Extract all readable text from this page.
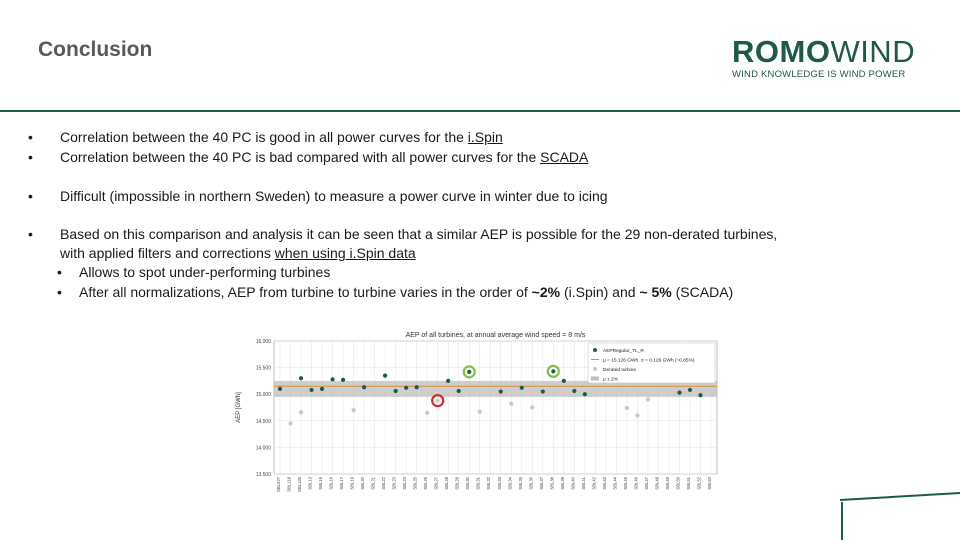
Conclusion	ROMOWIND
WIND KNOWLEDGE IS WIND POWER
•	Correlation between the 40 PC is good in all power curves for the i.Spin
•	Correlation between the 40 PC is bad compared with all power curves for the SCADA
•	Difficult (impossible in northern Sweden) to measure a power curve in winter due to icing
•	Based on this comparison and analysis it can be seen that a similar AEP is possible for the 29 non-derated turbines,
with applied filters and corrections when using i.Spin data
•	Allows to spot under-performing turbines
•	After all normalizations, AEP from turbine to turbine varies in the order of ~2% (i.Spin) and ~ 5% (SCADA)
AEP of all turbines, at annual average wind speed = 8 m/s
13.500
14.000
14.500
15.000
15.500
16.000
AEP [GWh]
SBL027 SBL118 SBL125 SBL13 SBL15 SBL16 SBL17 SBL19 SBL20 SBL21 SBL22 SBL23 SBL24 SBL25 SBL26 SBL27 SBL28 SBL29 SBL30 SBL31 SBL32 SBL33 SBL34 SBL35 SBL36 SBL37 SBL38 SBL39 SBL40 SBL41 SBL42 SBL43 SBL44 SBL45 SBL46 SBL47 SBL48 SBL49 SBL50 SBL51 SBL52 SBL53
AEPRegular_TL_R
μ = 15.126 GWh, σ = 0.126 GWh (~0.85%)
Derated turbine
μ ± 2%
